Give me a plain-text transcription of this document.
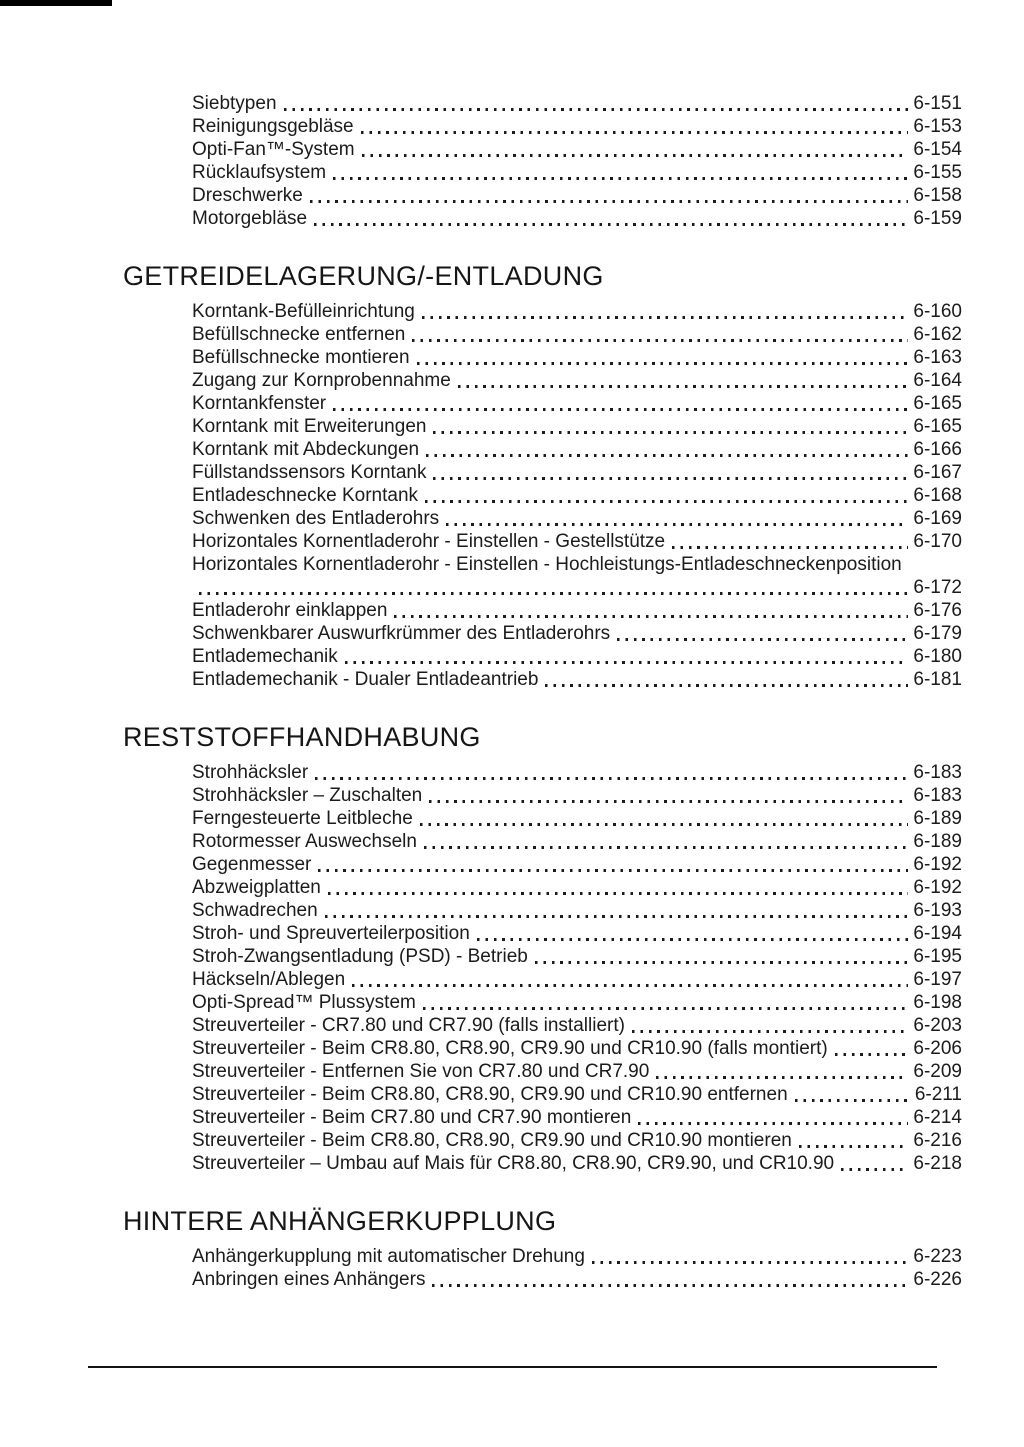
Siebtypen	6-151
Reinigungsgebläse	6-153
Opti-Fan™-System	6-154
Rücklaufsystem	6-155
Dreschwerke	6-158
Motorgebläse	6-159
GETREIDELAGERUNG/-ENTLADUNG
Korntank-Befülleinrichtung	6-160
Befüllschnecke entfernen	6-162
Befüllschnecke montieren	6-163
Zugang zur Kornprobennahme	6-164
Korntankfenster	6-165
Korntank mit Erweiterungen	6-165
Korntank mit Abdeckungen	6-166
Füllstandssensors Korntank	6-167
Entladeschnecke Korntank	6-168
Schwenken des Entladerohrs	6-169
Horizontales Kornentladerohr - Einstellen - Gestellstütze	6-170
Horizontales Kornentladerohr - Einstellen - Hochleistungs-Entladeschneckenposition
6-172
Entladerohr einklappen	6-176
Schwenkbarer Auswurfkrümmer des Entladerohrs	6-179
Entlademechanik	6-180
Entlademechanik - Dualer Entladeantrieb	6-181
RESTSTOFFHANDHABUNG
Strohhäcksler	6-183
Strohhäcksler – Zuschalten	6-183
Ferngesteuerte Leitbleche	6-189
Rotormesser Auswechseln	6-189
Gegenmesser	6-192
Abzweigplatten	6-192
Schwadrechen	6-193
Stroh- und Spreuverteilerposition	6-194
Stroh-Zwangsentladung (PSD) - Betrieb	6-195
Häckseln/Ablegen	6-197
Opti-Spread™ Plussystem	6-198
Streuverteiler - CR7.80 und CR7.90 (falls installiert)	6-203
Streuverteiler - Beim CR8.80, CR8.90, CR9.90 und CR10.90 (falls montiert)	6-206
Streuverteiler - Entfernen Sie von CR7.80 und CR7.90	6-209
Streuverteiler - Beim CR8.80, CR8.90, CR9.90 und CR10.90 entfernen	6-211
Streuverteiler - Beim CR7.80 und CR7.90 montieren	6-214
Streuverteiler - Beim CR8.80, CR8.90, CR9.90 und CR10.90 montieren	6-216
Streuverteiler – Umbau auf Mais für CR8.80, CR8.90, CR9.90, und CR10.90	6-218
HINTERE ANHÄNGERKUPPLUNG
Anhängerkupplung mit automatischer Drehung	6-223
Anbringen eines Anhängers	6-226
